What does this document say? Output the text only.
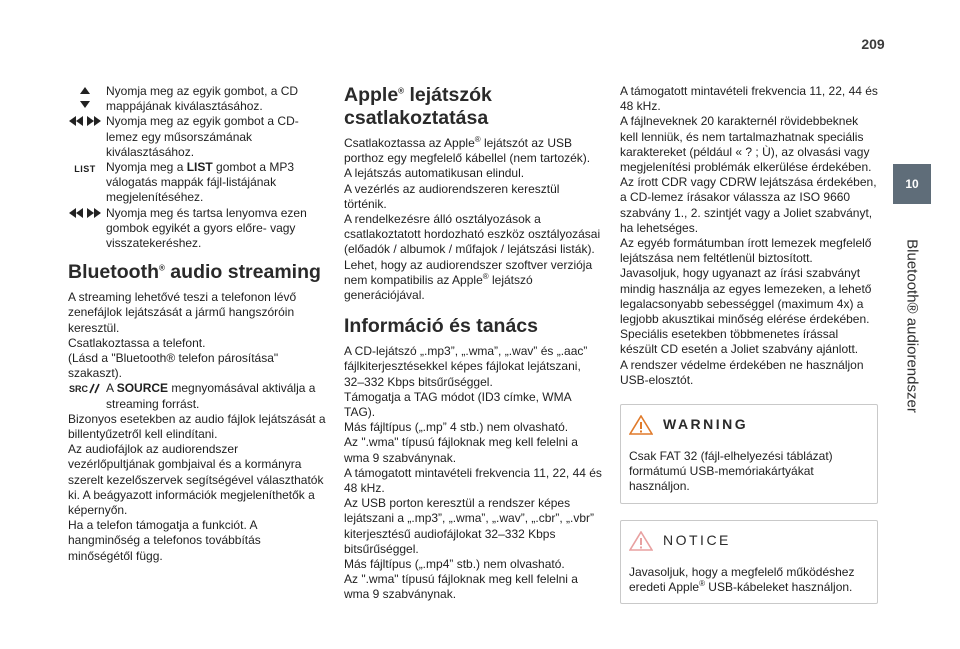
209
10
Bluetooth® audiorendszer

Nyomja meg az egyik gombot, a CD mappájának kiválasztásához.

Nyomja meg az egyik gombot a CD-lemez egy műsorszámának kiválasztásához.

LIST Nyomja meg a LIST gombot a MP3 válogatás mappák fájl-listájának megjelenítéséhez.

Nyomja meg és tartsa lenyomva ezen gombok egyikét a gyors előre- vagy visszatekeréshez.

Bluetooth® audio streaming

A streaming lehetővé teszi a telefonon lévő zenefájlok lejátszását a jármű hangszóróin keresztül.

Csatlakoztassa a telefont.

(Lásd a "Bluetooth® telefon párosítása" szakaszt).

SRC A SOURCE megnyomásával aktiválja a streaming forrást.

Bizonyos esetekben az audio fájlok lejátszását a billentyűzetről kell elindítani.

Az audiofájlok az audiorendszer vezérlőpultjának gombjaival és a kormányra szerelt kezelőszervek segítségével választhatók ki. A beágyazott információk megjeleníthetők a képernyőn.

Ha a telefon támogatja a funkciót. A hangminőség a telefonos továbbítás minőségétől függ.

Apple® lejátszók csatlakoztatása

Csatlakoztassa az Apple® lejátszót az USB porthoz egy megfelelő kábellel (nem tartozék).

A lejátszás automatikusan elindul.

A vezérlés az audiorendszeren keresztül történik.

A rendelkezésre álló osztályozások a csatlakoztatott hordozható eszköz osztályozásai (előadók / albumok / műfajok / lejátszási listák).

Lehet, hogy az audiorendszer szoftver verziója nem kompatibilis az Apple® lejátszó generációjával.

Információ és tanács

A CD-lejátszó „.mp3”, „.wma”, „.wav” és „.aac” fájlkiterjesztésekkel képes fájlokat lejátszani, 32–332 Kbps bitsűrűséggel.

Támogatja a TAG módot (ID3 címke, WMA TAG).

Más fájltípus („.mp” 4 stb.) nem olvasható.

Az ".wma" típusú fájloknak meg kell felelni a wma 9 szabványnak.

A támogatott mintavételi frekvencia 11, 22, 44 és 48 kHz.

Az USB porton keresztül a rendszer képes lejátszani a „.mp3”, „.wma”, „.wav”, „.cbr”, „.vbr” kiterjesztésű audiofájlokat 32–332 Kbps bitsűrűséggel.

Más fájltípus („.mp4” stb.) nem olvasható.

Az ".wma" típusú fájloknak meg kell felelni a wma 9 szabványnak.

A támogatott mintavételi frekvencia 11, 22, 44 és 48 kHz.

A fájlneveknek 20 karakternél rövidebbeknek kell lenniük, és nem tartalmazhatnak speciális karaktereket (például « ? ; Ù), az olvasási vagy megjelenítési problémák elkerülése érdekében.

Az írott CDR vagy CDRW lejátszása érdekében, a CD-lemez írásakor válassza az ISO 9660 szabvány 1., 2. szintjét vagy a Joliet szabványt, ha lehetséges.

Az egyéb formátumban írott lemezek megfelelő lejátszása nem feltétlenül biztosított.

Javasoljuk, hogy ugyanazt az írási szabványt mindig használja az egyes lemezeken, a lehető legalacsonyabb sebességgel (maximum 4x) a legjobb akusztikai minőség elérése érdekében.

Speciális esetekben többmenetes írással készült CD esetén a Joliet szabvány ajánlott.

A rendszer védelme érdekében ne használjon USB-elosztót.

WARNING

Csak FAT 32 (fájl-elhelyezési táblázat) formátumú USB-memóriakártyákat használjon.

NOTICE

Javasoljuk, hogy a megfelelő működéshez eredeti Apple® USB-kábeleket használjon.
